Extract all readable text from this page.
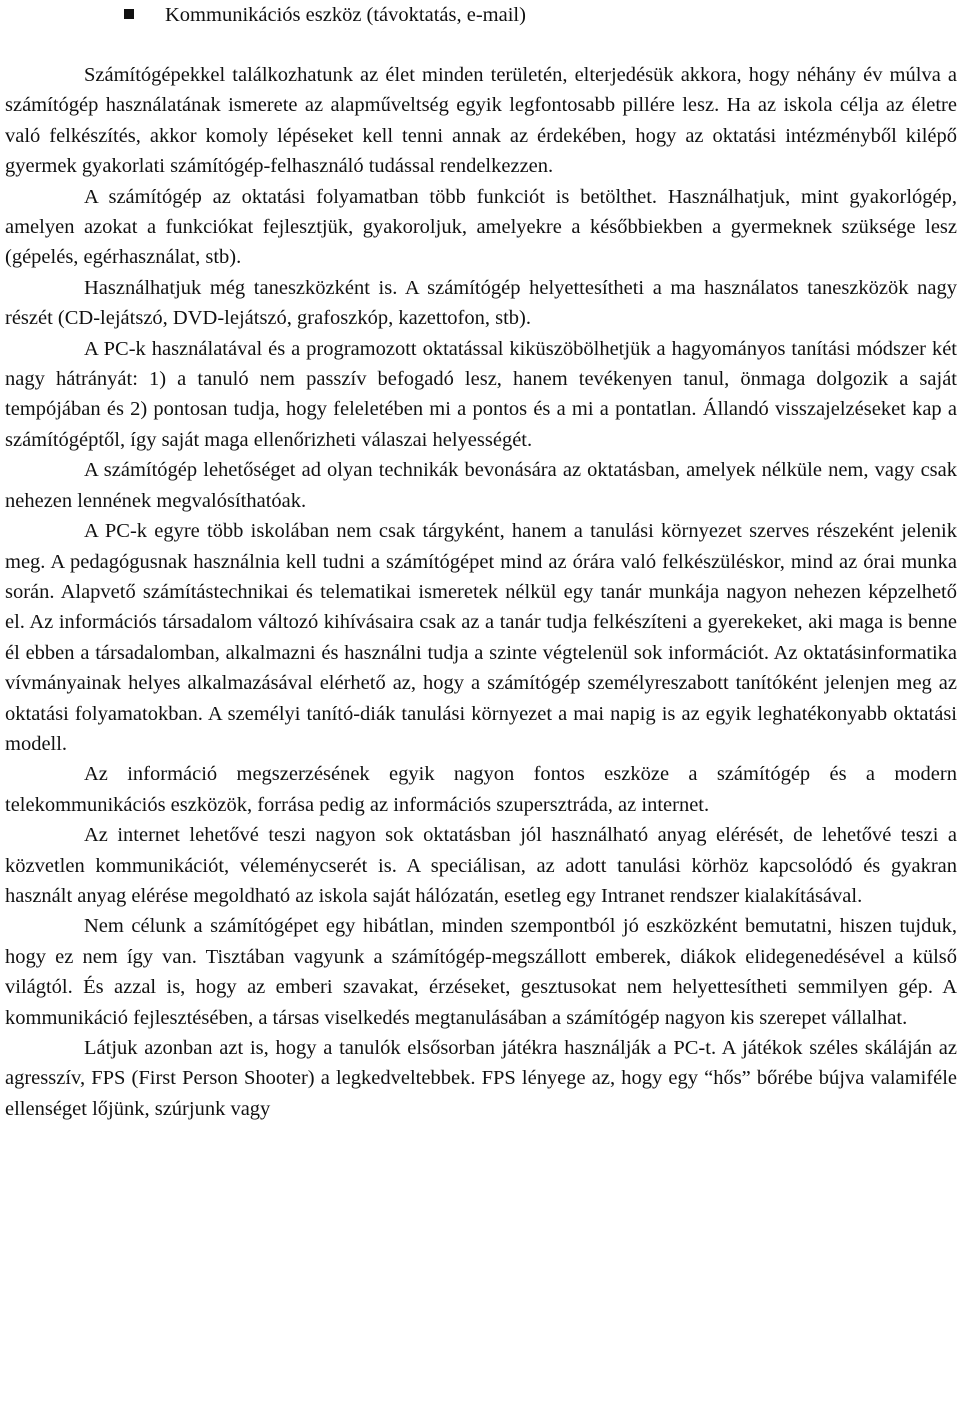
Kommunikációs eszköz (távoktatás, e-mail)

Számítógépekkel találkozhatunk az élet minden területén, elterjedésük akkora, hogy néhány év múlva a számítógép használatának ismerete az alapműveltség egyik legfontosabb pillére lesz. Ha az iskola célja az életre való felkészítés, akkor komoly lépéseket kell tenni annak az érdekében, hogy az oktatási intézményből kilépő gyermek gyakorlati számítógép-felhasználó tudással rendelkezzen.

A számítógép az oktatási folyamatban több funkciót is betölthet. Használhatjuk, mint gyakorlógép, amelyen azokat a funkciókat fejlesztjük, gyakoroljuk, amelyekre a későbbiekben a gyermeknek szüksége lesz (gépelés, egérhasználat, stb).

Használhatjuk még taneszközként is. A számítógép helyettesítheti a ma használatos taneszközök nagy részét (CD-lejátszó, DVD-lejátszó, grafoszkóp, kazettofon, stb).

A PC-k használatával és a programozott oktatással kiküszöbölhetjük a hagyományos tanítási módszer két nagy hátrányát: 1) a tanuló nem passzív befogadó lesz, hanem tevékenyen tanul, önmaga dolgozik a saját tempójában és 2) pontosan tudja, hogy feleletében mi a pontos és a mi a pontatlan. Állandó visszajelzéseket kap a számítógéptől, így saját maga ellenőrizheti válaszai helyességét.

A számítógép lehetőséget ad olyan technikák bevonására az oktatásban, amelyek nélküle nem, vagy csak nehezen lennének megvalósíthatóak.

A PC-k egyre több iskolában nem csak tárgyként, hanem a tanulási környezet szerves részeként jelenik meg. A pedagógusnak használnia kell tudni a számítógépet mind az órára való felkészüléskor, mind az órai munka során. Alapvető számítástechnikai és telematikai ismeretek nélkül egy tanár munkája nagyon nehezen képzelhető el. Az információs társadalom változó kihívásaira csak az a tanár tudja felkészíteni a gyerekeket, aki maga is benne él ebben a társadalomban, alkalmazni és használni tudja a szinte végtelenül sok információt. Az oktatásinformatika vívmányainak helyes alkalmazásával elérhető az, hogy a számítógép személyreszabott tanítóként jelenjen meg az oktatási folyamatokban. A személyi tanító-diák tanulási környezet a mai napig is az egyik leghatékonyabb oktatási modell.

Az információ megszerzésének egyik nagyon fontos eszköze a számítógép és a modern telekommunikációs eszközök, forrása pedig az információs szupersztráda, az internet.

Az internet lehetővé teszi nagyon sok oktatásban jól használható anyag elérését, de lehetővé teszi a közvetlen kommunikációt, véleménycserét is. A speciálisan, az adott tanulási körhöz kapcsolódó és gyakran használt anyag elérése megoldható az iskola saját hálózatán, esetleg egy Intranet rendszer kialakításával.

Nem célunk a számítógépet egy hibátlan, minden szempontból jó eszközként bemutatni, hiszen tujduk, hogy ez nem így van. Tisztában vagyunk a számítógép-megszállott emberek, diákok elidegenedésével a külső világtól. És azzal is, hogy az emberi szavakat, érzéseket, gesztusokat nem helyettesítheti semmilyen gép. A kommunikáció fejlesztésében, a társas viselkedés megtanulásában a számítógép nagyon kis szerepet vállalhat.

Látjuk azonban azt is, hogy a tanulók elsősorban játékra használják a PC-t. A játékok széles skáláján az agresszív, FPS (First Person Shooter) a legkedveltebbek. FPS lényege az, hogy egy “hős” bőrébe bújva valamiféle ellenséget lőjünk, szúrjunk vagy
